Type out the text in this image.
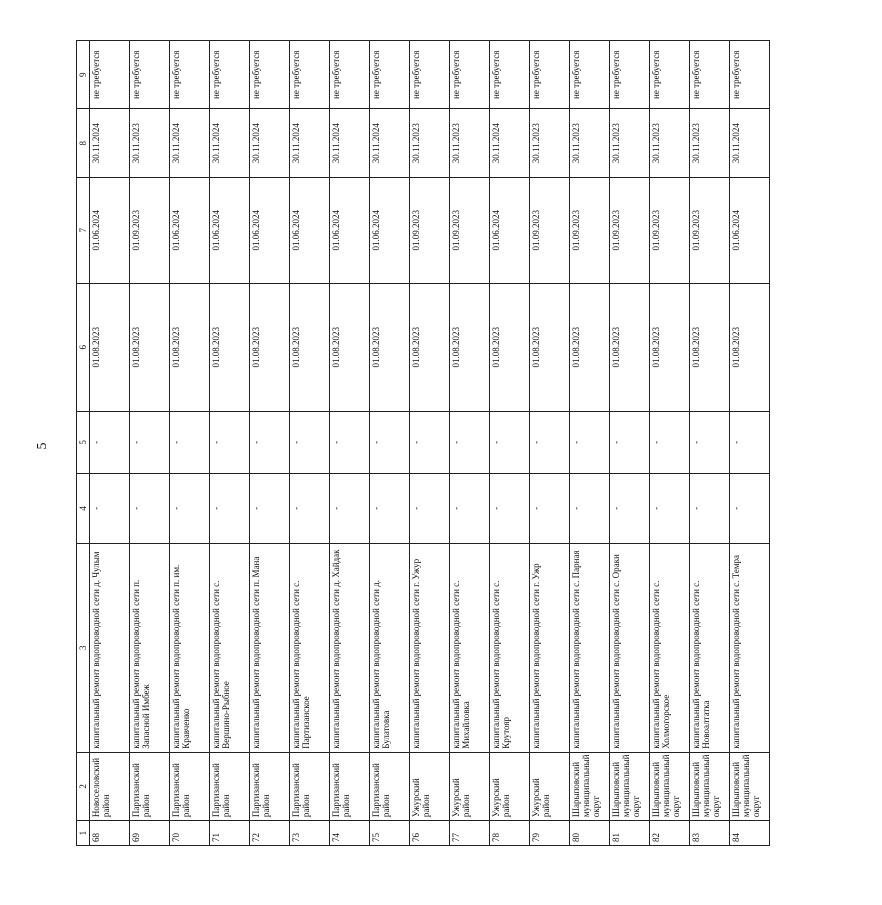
5
1	2	3	4	5	6	7	8	9
68	Новоселовский район	капитальный ремонт водопроводной сети д. Чулым	-	-	01.08.2023	01.06.2024	30.11.2024	не требуется
69	Партизанский район	капитальный ремонт водопроводной сети п. Запасной Имбеж	-	-	01.08.2023	01.09.2023	30.11.2023	не требуется
70	Партизанский район	капитальный ремонт водопроводной сети п. им. Кравченко	-	-	01.08.2023	01.06.2024	30.11.2024	не требуется
71	Партизанский район	капитальный ремонт водопроводной сети с. Вершино-Рыбное	-	-	01.08.2023	01.06.2024	30.11.2024	не требуется
72	Партизанский район	капитальный ремонт водопроводной сети п. Мана	-	-	01.08.2023	01.06.2024	30.11.2024	не требуется
73	Партизанский район	капитальный ремонт водопроводной сети с. Партизанское	-	-	01.08.2023	01.06.2024	30.11.2024	не требуется
74	Партизанский район	капитальный ремонт водопроводной сети д. Хайдак	-	-	01.08.2023	01.06.2024	30.11.2024	не требуется
75	Партизанский район	капитальный ремонт водопроводной сети д. Булатовка	-	-	01.08.2023	01.06.2024	30.11.2024	не требуется
76	Ужурский район	капитальный ремонт водопроводной сети г. Ужур	-	-	01.08.2023	01.09.2023	30.11.2023	не требуется
77	Ужурский район	капитальный ремонт водопроводной сети с. Михайловка	-	-	01.08.2023	01.09.2023	30.11.2023	не требуется
78	Ужурский район	капитальный ремонт водопроводной сети с. Крутояр	-	-	01.08.2023	01.06.2024	30.11.2024	не требуется
79	Ужурский район	капитальный ремонт водопроводной сети г. Ужр	-	-	01.08.2023	01.09.2023	30.11.2023	не требуется
80	Шарыповский муниципальный округ	капитальный ремонт водопроводной сети с. Парная	-	-	01.08.2023	01.09.2023	30.11.2023	не требуется
81	Шарыповский муниципальный округ	капитальный ремонт водопроводной сети с. Ораки	-	-	01.08.2023	01.09.2023	30.11.2023	не требуется
82	Шарыповский муниципальный округ	капитальный ремонт водопроводной сети с. Холмогорское	-	-	01.08.2023	01.09.2023	30.11.2023	не требуется
83	Шарыповский муниципальный округ	капитальный ремонт водопроводной сети с. Новоалтатка	-	-	01.08.2023	01.09.2023	30.11.2023	не требуется
84	Шарыповский муниципальный округ	капитальный ремонт водопроводной сети с. Темра	-	-	01.08.2023	01.06.2024	30.11.2024	не требуется
